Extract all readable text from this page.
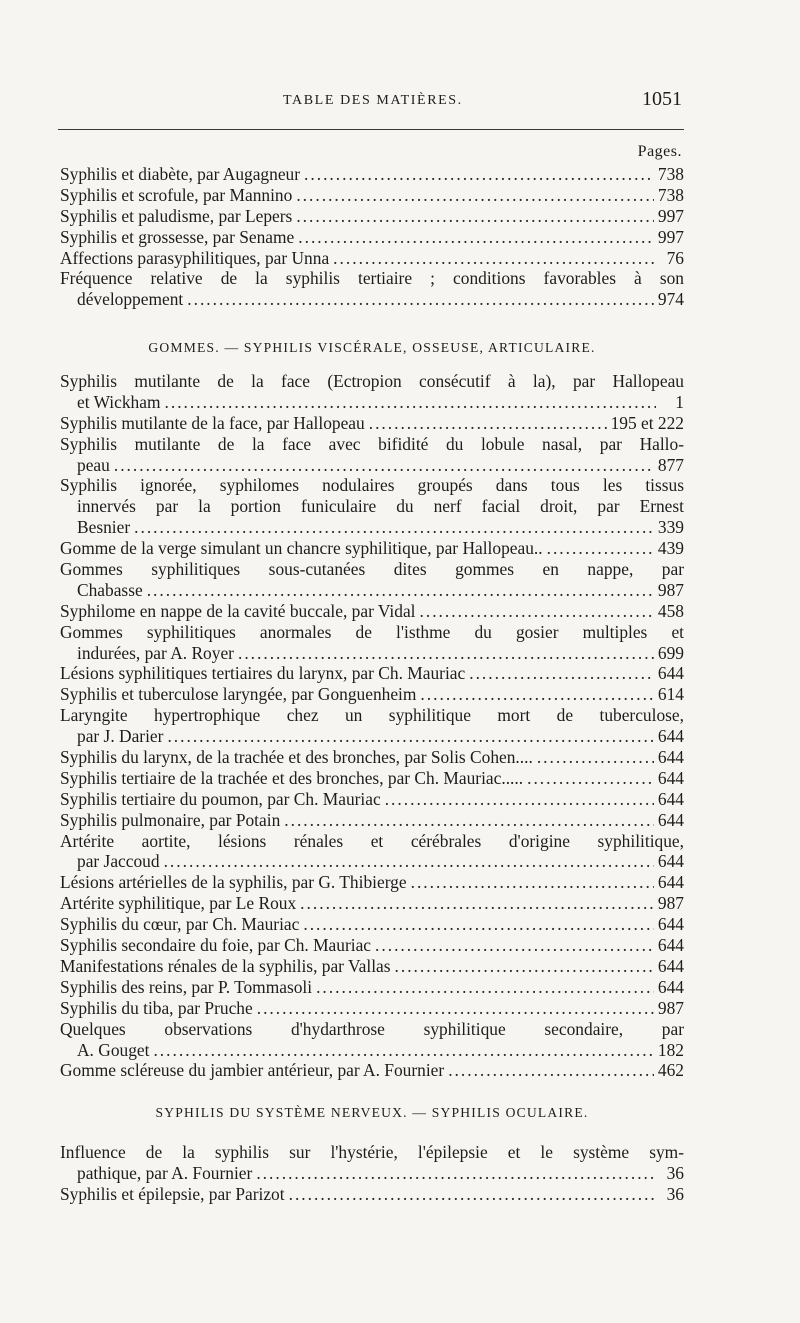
TABLE DES MATIÈRES.	1051
Pages.
Syphilis et diabète, par Augagneur .....	738
Syphilis et scrofule, par Mannino .....	738
Syphilis et paludisme, par Lepers .....	997
Syphilis et grossesse, par Sename .....	997
Affections parasyphilitiques, par Unna .....	76
Fréquence relative de la syphilis tertiaire ; conditions favorables à son
développement .....	974
GOMMES. — SYPHILIS VISCÉRALE, OSSEUSE, ARTICULAIRE.
Syphilis mutilante de la face (Ectropion consécutif à la), par Hallopeau
et Wickham .....	1
Syphilis mutilante de la face, par Hallopeau .....	195 et 222
Syphilis mutilante de la face avec bifidité du lobule nasal, par Hallo-
peau .....	877
Syphilis ignorée, syphilomes nodulaires groupés dans tous les tissus
innervés par la portion funiculaire du nerf facial droit, par Ernest
Besnier .....	339
Gomme de la verge simulant un chancre syphilitique, par Hallopeau.. .....	439
Gommes syphilitiques sous-cutanées dites gommes en nappe, par
Chabasse .....	987
Syphilome en nappe de la cavité buccale, par Vidal .....	458
Gommes syphilitiques anormales de l'isthme du gosier multiples et
indurées, par A. Royer .....	699
Lésions syphilitiques tertiaires du larynx, par Ch. Mauriac .....	644
Syphilis et tuberculose laryngée, par Gonguenheim .....	614
Laryngite hypertrophique chez un syphilitique mort de tuberculose,
par J. Darier .....	644
Syphilis du larynx, de la trachée et des bronches, par Solis Cohen.... .....	644
Syphilis tertiaire de la trachée et des bronches, par Ch. Mauriac..... .....	644
Syphilis tertiaire du poumon, par Ch. Mauriac .....	644
Syphilis pulmonaire, par Potain .....	644
Artérite aortite, lésions rénales et cérébrales d'origine syphilitique,
par Jaccoud .....	644
Lésions artérielles de la syphilis, par G. Thibierge .....	644
Artérite syphilitique, par Le Roux .....	987
Syphilis du cœur, par Ch. Mauriac .....	644
Syphilis secondaire du foie, par Ch. Mauriac .....	644
Manifestations rénales de la syphilis, par Vallas .....	644
Syphilis des reins, par P. Tommasoli .....	644
Syphilis du tiba, par Pruche .....	987
Quelques observations d'hydarthrose syphilitique secondaire, par
A. Gouget .....	182
Gomme scléreuse du jambier antérieur, par A. Fournier .....	462
SYPHILIS DU SYSTÈME NERVEUX. — SYPHILIS OCULAIRE.
Influence de la syphilis sur l'hystérie, l'épilepsie et le système sym-
pathique, par A. Fournier .....	36
Syphilis et épilepsie, par Parizot .....	36
